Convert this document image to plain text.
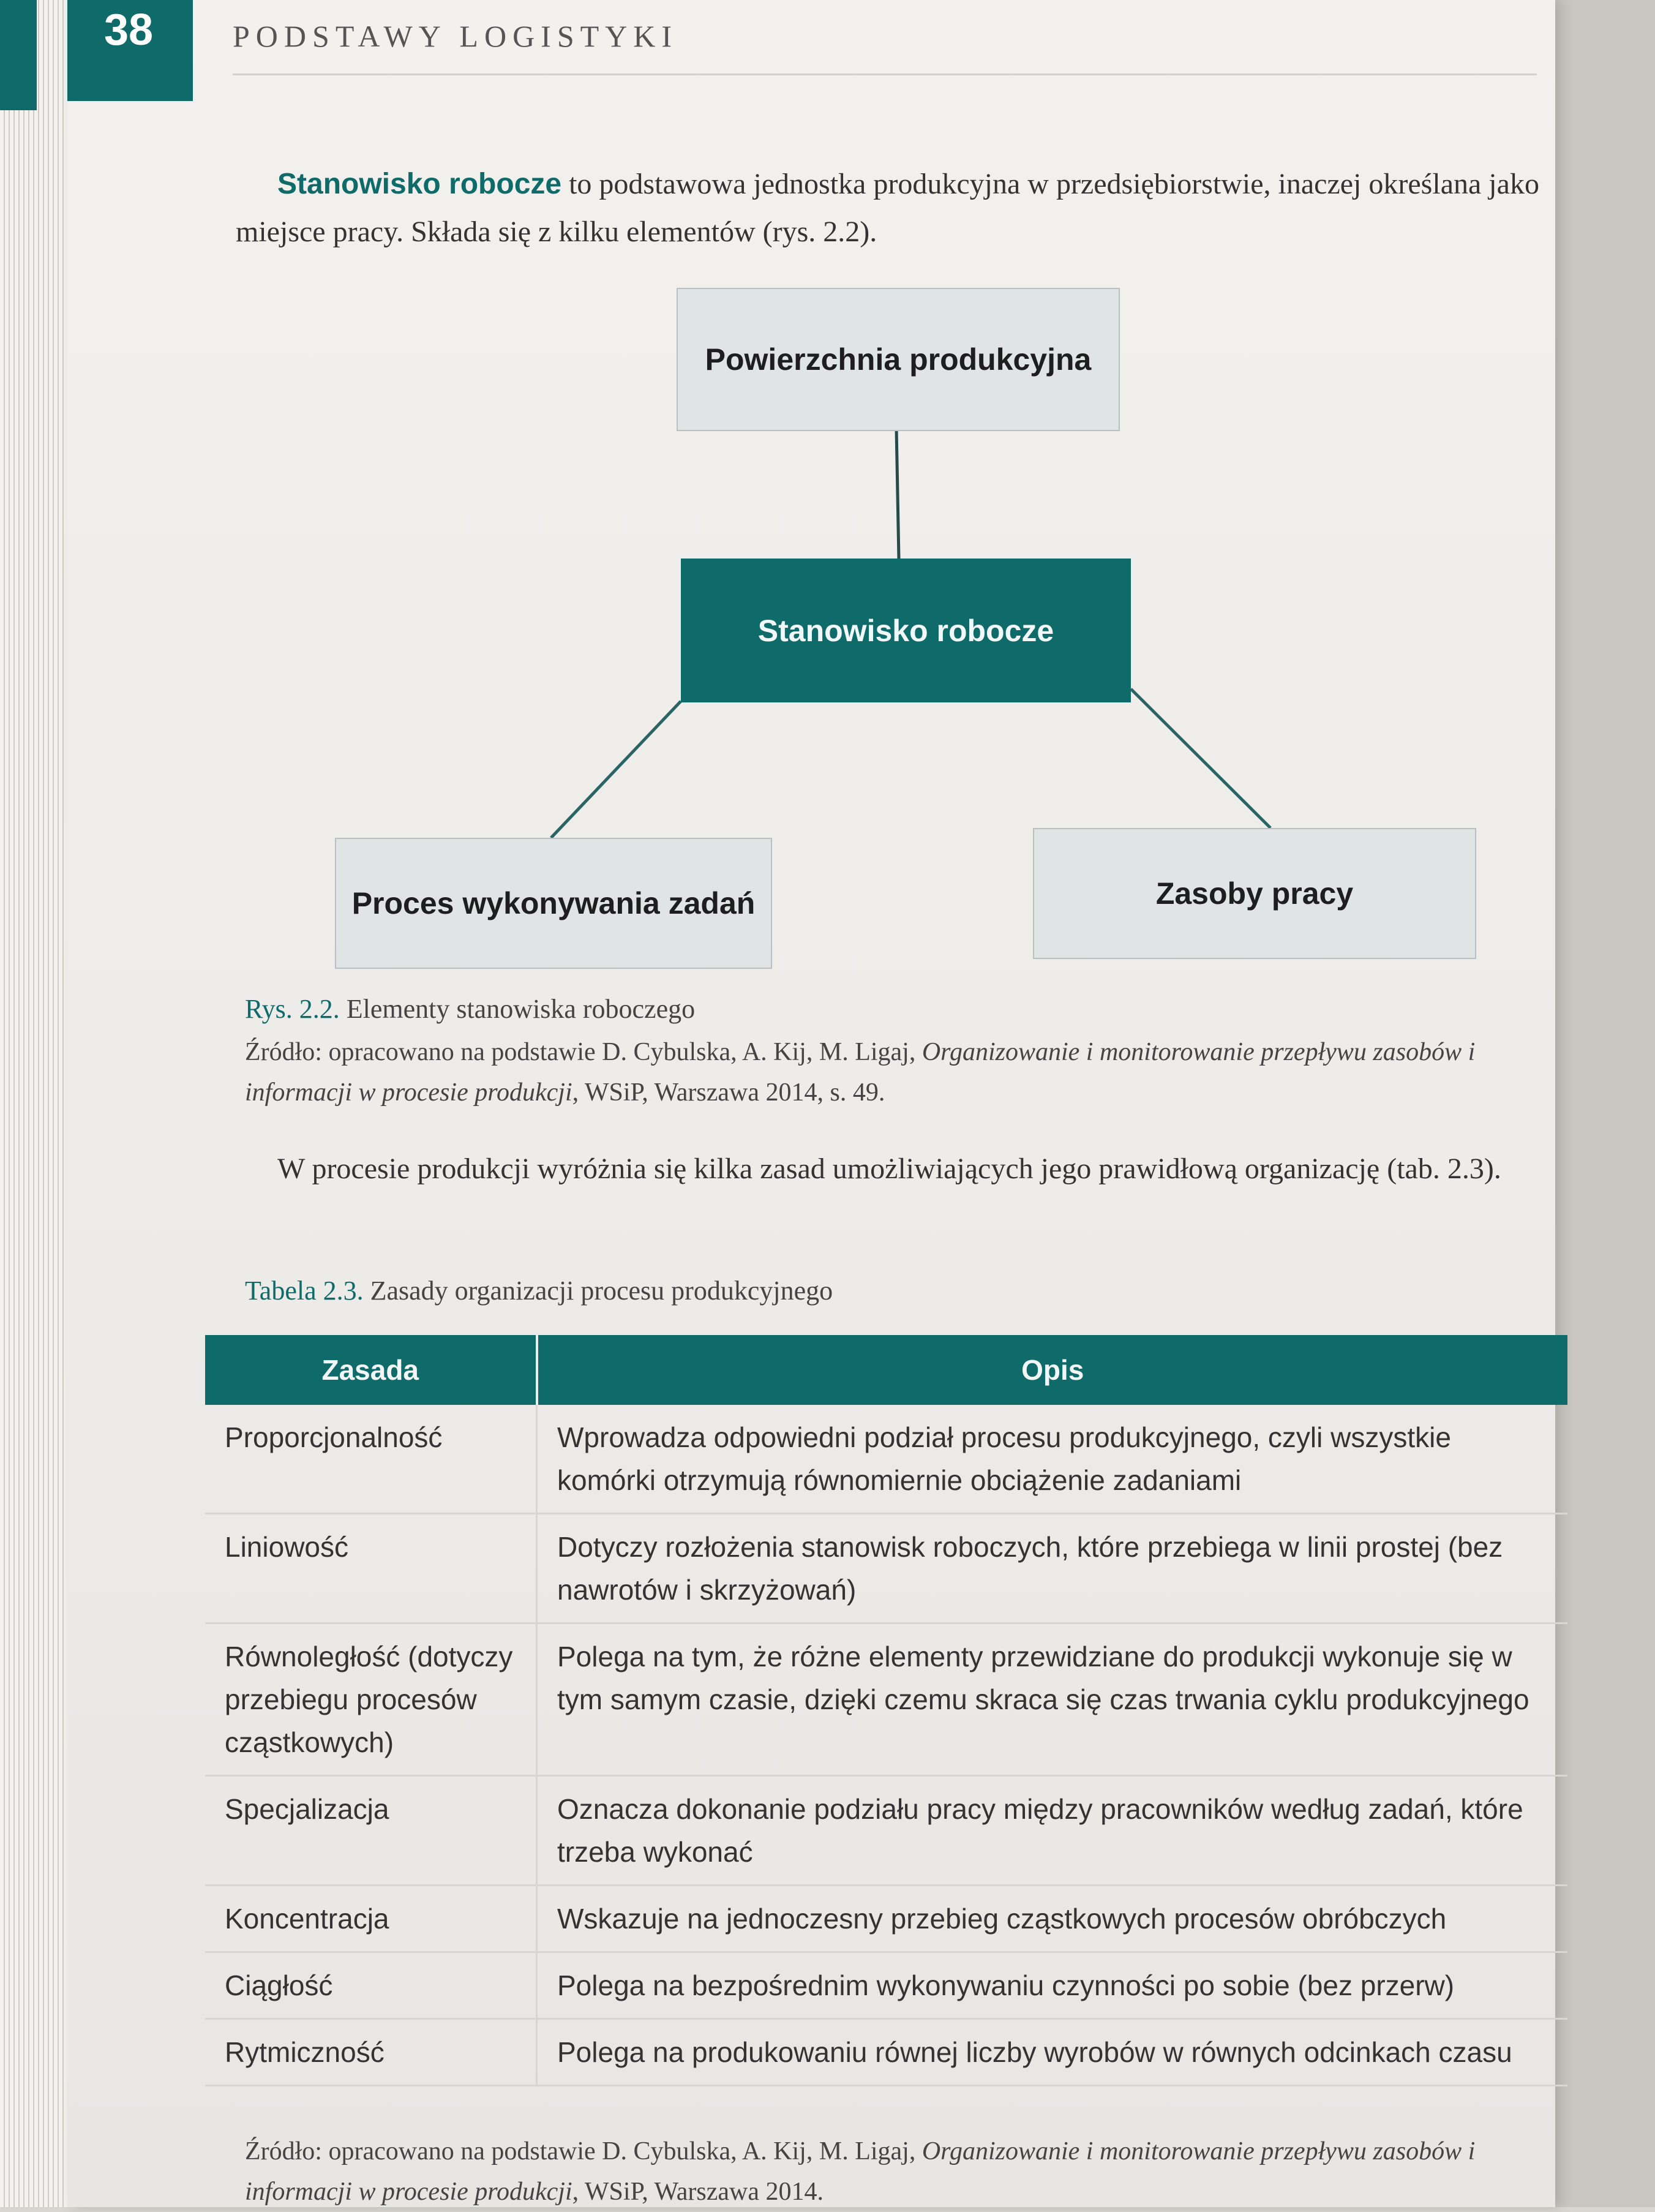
38	PODSTAWY LOGISTYKI

Stanowisko robocze to podstawowa jednostka produkcyjna w przedsiębiorstwie, inaczej określana jako miejsce pracy. Składa się z kilku elementów (rys. 2.2).

Powierzchnia produkcyjna
Stanowisko robocze
Proces wykonywania zadań	Zasoby pracy
Rys. 2.2. Elementy stanowiska roboczego
Źródło: opracowano na podstawie D. Cybulska, A. Kij, M. Ligaj, Organizowanie i monitorowanie przepływu zasobów i informacji w procesie produkcji, WSiP, Warszawa 2014, s. 49.

W procesie produkcji wyróżnia się kilka zasad umożliwiających jego prawidłową organizację (tab. 2.3).

Tabela 2.3. Zasady organizacji procesu produkcyjnego
Zasada	Opis
Proporcjonalność	Wprowadza odpowiedni podział procesu produkcyjnego, czyli wszystkie komórki otrzymują równomiernie obciążenie zadaniami
Liniowość	Dotyczy rozłożenia stanowisk roboczych, które przebiega w linii prostej (bez nawrotów i skrzyżowań)
Równoległość (dotyczy przebiegu procesów cząstkowych)	Polega na tym, że różne elementy przewidziane do produkcji wykonuje się w tym samym czasie, dzięki czemu skraca się czas trwania cyklu produkcyjnego
Specjalizacja	Oznacza dokonanie podziału pracy między pracowników według zadań, które trzeba wykonać
Koncentracja	Wskazuje na jednoczesny przebieg cząstkowych procesów obróbczych
Ciągłość	Polega na bezpośrednim wykonywaniu czynności po sobie (bez przerw)
Rytmiczność	Polega na produkowaniu równej liczby wyrobów w równych odcinkach czasu
Źródło: opracowano na podstawie D. Cybulska, A. Kij, M. Ligaj, Organizowanie i monitorowanie przepływu zasobów i informacji w procesie produkcji, WSiP, Warszawa 2014.
